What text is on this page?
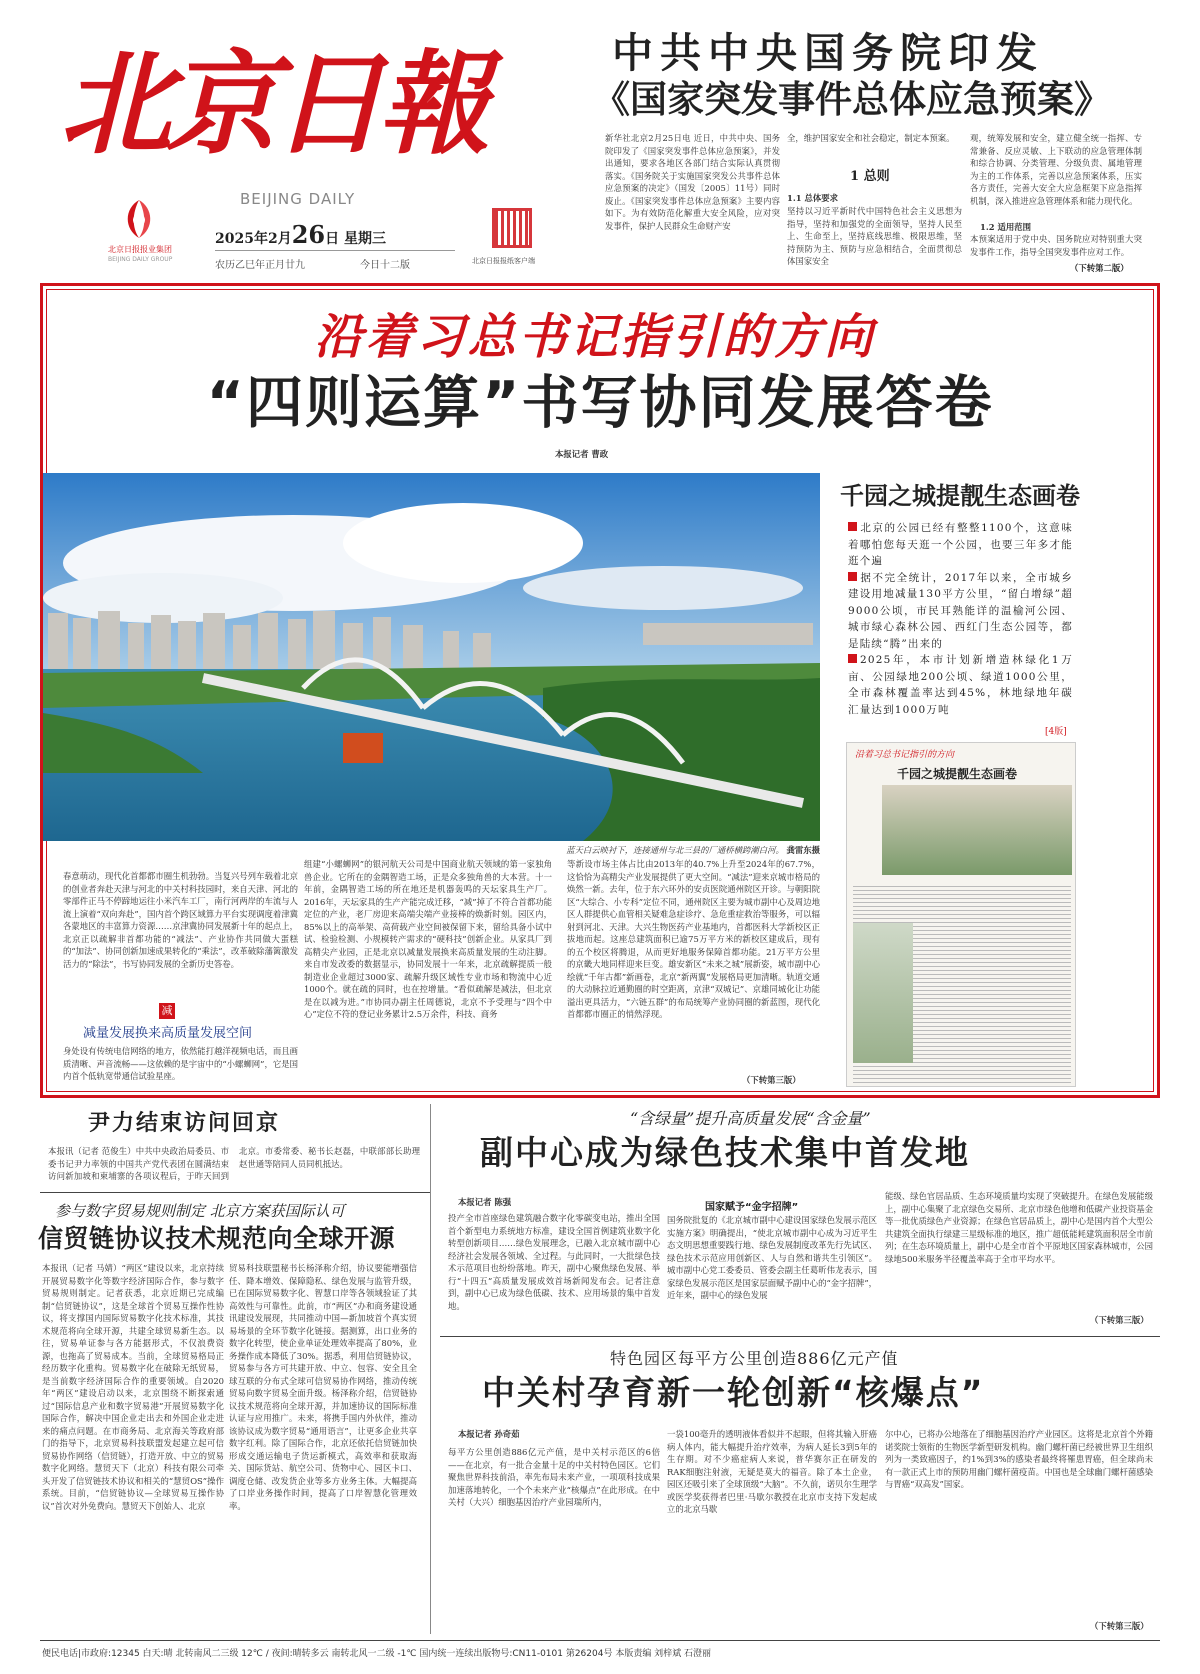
北京日報
BEIJING DAILY
北京日报报业集团
BEIJING DAILY GROUP
2025年2月26日 星期三
农历乙巳年正月廿九	今日十二版	北京日报报纸客户端
中共中央国务院印发
《国家突发事件总体应急预案》
新华社北京2月25日电 近日，中共中央、国务院印发了《国家突发事件总体应急预案》，并发出通知，要求各地区各部门结合实际认真贯彻落实。《国务院关于实施国家突发公共事件总体应急预案的决定》（国发〔2005〕11号）同时废止。《国家突发事件总体应急预案》主要内容如下。为有效防范化解重大安全风险，应对突发事件，保护人民群众生命财产安
全，维护国家安全和社会稳定，制定本预案。
1 总则
1.1 总体要求
坚持以习近平新时代中国特色社会主义思想为指导，坚持和加强党的全面领导，坚持人民至上、生命至上，坚持底线思维、极限思维，坚持预防为主、预防与应急相结合，全面贯彻总体国家安全
观，统筹发展和安全，建立健全统一指挥、专常兼备、反应灵敏、上下联动的应急管理体制和综合协调、分类管理、分级负责、属地管理为主的工作体系，完善以应急预案体系，压实各方责任，完善大安全大应急框架下应急指挥机制，深入推进应急管理体系和能力现代化。
1.2 适用范围
本预案适用于党中央、国务院应对特别重大突发事件工作，指导全国突发事件应对工作。
（下转第二版）
沿着习总书记指引的方向
“四则运算”书写协同发展答卷
本报记者 曹政
蓝天白云映衬下，连接通州与北三县的厂通桥横跨潮白河。 龚雷东摄
千园之城提靓生态画卷

北京的公园已经有整整1100个，这意味着哪怕您每天逛一个公园，也要三年多才能逛个遍

据不完全统计，2017年以来，全市城乡建设用地减量130平方公里，“留白增绿”超9000公顷，市民耳熟能详的温榆河公园、城市绿心森林公园、西红门生态公园等，都是陆续“腾”出来的

2025年，本市计划新增造林绿化1万亩、公园绿地200公顷、绿道1000公里，全市森林覆盖率达到45%，林地绿地年碳汇量达到1000万吨

[4版]
沿着习总书记指引的方向
千园之城提靓生态画卷
春意萌动，现代化首都都市圈生机勃勃。当复兴号列车载着北京的创业者奔赴天津与河北的中关村科技园时，来自天津、河北的零部件正马不停蹄地运往小米汽车工厂，南行河两岸的车流与人流上演着“双向奔赴”，国内首个跨区域算力平台实现调度着津冀各蒙地区的丰富算力资源……京津冀协同发展新十年的起点上，北京正以疏解非首都功能的“减法”、产业协作共同做大蛋糕的“加法”、协同创新加速成果转化的“乘法”，改革破除藩篱激发活力的“除法”，书写协同发展的全新历史答卷。
减
减量发展换来高质量发展空间
身处设有传统电信网络的地方，依然能打越洋视频电话，而且画质清晰、声音流畅——这依赖的是宇宙中的“小螺蛳网”，它是国内首个低轨宽带通信试验星座。
组建“小螺蛳网”的银河航天公司是中国商业航天领域的第一家独角兽企业。它所在的金隅智造工场，正是众多独角兽的大本营。十一年前，金隅智造工场的所在地还是机器轰鸣的天坛家具生产厂。2016年，天坛家具的生产产能完成迁移，“减”掉了不符合首都功能定位的产业，老厂房迎来高端尖端产业接棒的焕新时刻。园区内，85%以上的高举架、高荷载产业空间被保留下来，留给具备小试中试、检验检测、小规模转产需求的“硬科技”创新企业。从家具厂到高精尖产业园，正是北京以减量发展换来高质量发展的生动注脚。来自市发改委的数据显示，协同发展十一年来，北京疏解提质一般制造业企业超过3000家、疏解升级区域性专业市场和物流中心近1000个。就在疏的同时，也在控增量。“看似疏解是减法，但北京是在以减为进。”市协同办副主任周德说，北京不予受理与“四个中心”定位不符的登记业务累计2.5万余件，科技、商务
等新设市场主体占比由2013年的40.7%上升至2024年的67.7%，这恰恰为高精尖产业发展提供了更大空间。“减法”迎来京城市格局的焕然一新。去年，位于东六环外的安贞医院通州院区开诊。与朝阳院区“大综合、小专科”定位不同，通州院区主要为城市副中心及周边地区人群提供心血管相关疑难急症诊疗、急危重症救治等服务，可以辐射到河北、天津。大兴生物医药产业基地内，首都医科大学新校区正拔地而起。这座总建筑面积已逾75万平方米的新校区建成后，现有的五个校区将腾退，从而更好地服务保障首都功能。21万平方公里的京畿大地同样迎来巨变。雄安新区“未来之城”展新姿，城市副中心绘就“千年古都”新画卷，北京“新两翼”发展格局更加清晰。轨道交通的大动脉拉近通勤圈的时空距离，京津“双城记”、京雄同城化让功能溢出更具活力，“六链五群”的布局统筹产业协同圈的新蓝图，现代化首都都市圈正的悄然浮现。
（下转第三版）
尹力结束访问回京
本报讯（记者 范俊生）中共中央政治局委员、市委书记尹力率领的中国共产党代表团在圆满结束访问新加坡和柬埔寨的各项议程后，于昨天回到北京。市委常委、秘书长赵磊，中联部部长助理赵世通等陪同人员同机抵达。
参与数字贸易规则制定 北京方案获国际认可
信贸链协议技术规范向全球开源
本报讯（记者 马婧）“两区”建设以来，北京持续开展贸易数字化等数字经济国际合作，参与数字贸易规则制定。记者获悉，北京近期已完成编制“信贸链协议”，这是全球首个贸易互操作性协议，将支撑国内国际贸易数字化技术标准，其技术规范将向全球开源，共建全球贸易新生态。以往，贸易单证参与各方能据形式，不仅浪费资源，也拖高了贸易成本。当前，全球贸易格局正经历数字化重构。贸易数字化在破除无纸贸易，是当前数字经济国际合作的重要领域。自2020年“两区”建设启动以来，北京围绕不断探索通过“国际信息产业和数字贸易港”开展贸易数字化国际合作，解决中国企业走出去和外国企业走进来的痛点问题。在市商务局、北京海关等政府部门的指导下，北京贸易科技联盟发起建立起可信贸易协作网络（信贸链），打造开放、中立的贸易数字化网络。慧贸天下（北京）科技有限公司牵头开发了信贸链技术协议和相关的“慧贸OS”操作系统。目前，“信贸链协议—全球贸易互操作协议”首次对外免费向。慧贸天下创始人、北京
贸易科技联盟秘书长杨泽称介绍，协议要能增强信任、降本增效、保障隐私、绿色发展与监管升级，已在国际贸易数字化、智慧口岸等各领域验证了其高效性与可靠性。此前，市“两区”办和商务建设通讯建设发展现，共同推动中国—新加坡首个真实贸易场景的全环节数字化链接。据测算，出口业务的数字化转型，使企业单证处理效率提高了80%，业务操作成本降低了30%。据悉，利用信贸链协议，贸易参与各方可共建开放、中立、包容、安全且全球互联的分布式全球可信贸易协作网络，推动传统贸易向数字贸易全面升级。杨泽称介绍，信贸链协议技术规范将向全球开源，并加速协议的国际标准认证与应用推广。未来，将携手国内外伙伴，推动该协议成为数字贸易“通用语言”，让更多企业共享数字红利。除了国际合作，北京还依托信贸链加快形成交通运输电子货运新模式，高效率和获取海关、国际货站、航空公司、货物中心、园区卡口、调度仓储、改发货企业等多方业务主体。大幅提高了口岸业务操作时间，提高了口岸智慧化管理效率。
“含绿量”提升高质量发展“含金量”
副中心成为绿色技术集中首发地
本报记者 陈强
投产全市首座绿色建筑融合数字化零碳变电站，推出全国首个新型电力系统地方标准，建设全国首例建筑业数字化转型创新项目……绿色发展理念，已融入北京城市副中心经济社会发展各领域、全过程。与此同时，一大批绿色技术示范项目也纷纷落地。昨天，副中心聚焦绿色发展、举行“十四五”高质量发展成效首场新闻发布会。记者注意到，副中心已成为绿色低碳、技术、应用场景的集中首发地。
国家赋予“金字招牌”
国务院批复的《北京城市副中心建设国家绿色发展示范区实施方案》明确提出，“使北京城市副中心成为习近平生态文明思想重要践行地、绿色发展制度改革先行先试区、绿色技术示范应用创新区、人与自然和谐共生引领区”。城市副中心党工委委员、管委会副主任葛昕伟龙表示，国家绿色发展示范区是国家层面赋予副中心的“金字招牌”，近年来，副中心的绿色发展
能级、绿色官居品质、生态环境质量均实现了突破提升。在绿色发展能级上，副中心集聚了北京绿色交易所、北京市绿色他增和低碳产业投资基金等一批优质绿色产业资源；在绿色官居品质上，副中心是国内首个大型公共建筑全面执行绿建三星级标准的地区，推广超低能耗建筑面积居全市前列；在生态环境质量上，副中心是全市首个平原地区国家森林城市，公园绿地500米服务半径覆盖率高于全市平均水平。
（下转第三版）
特色园区每平方公里创造886亿元产值
中关村孕育新一轮创新“核爆点”
本报记者 孙奇茹
每平方公里创造886亿元产值，是中关村示范区的6倍——在北京，有一批合金量十足的中关村特色园区。它们聚焦世界科技前沿，率先布局未来产业，一项项科技成果加速落地转化，一个个未来产业“核爆点”在此形成。在中关村（大兴）细胞基因治疗产业园瑞所内，
一袋100毫升的透明液体看似并不起眼，但将其输入肝癌病人体内，能大幅提升治疗效率，为病人延长3到5年的生存期。对不少癌症病人来说，普华赛尔正在研发的RAK细胞注射液，无疑是莫大的福音。除了本土企业，园区还吸引来了全球顶级“大脑”。不久前，诺贝尔生理学或医学奖获得者巴里·马歇尔教授在北京市支持下发起成立的北京马歇
尔中心，已将办公地落在了细胞基因治疗产业园区。这将是北京首个外籍诺奖院士领衔的生物医学新型研发机构。幽门螺杆菌已经被世界卫生组织列为一类致癌因子，约1%到3%的感染者最终将罹患胃癌，但全球尚未有一款正式上市的预防用幽门螺杆菌疫苗。中国也是全球幽门螺杆菌感染与胃癌“双高发”国家。
（下转第三版）
便民电话|市政府:12345 白天:晴 北转南风二三级 12℃ / 夜间:晴转多云 南转北风一二级 -1℃ 国内统一连续出版物号:CN11-0101 第26204号 本版责编 刘梓斌 石澄丽
